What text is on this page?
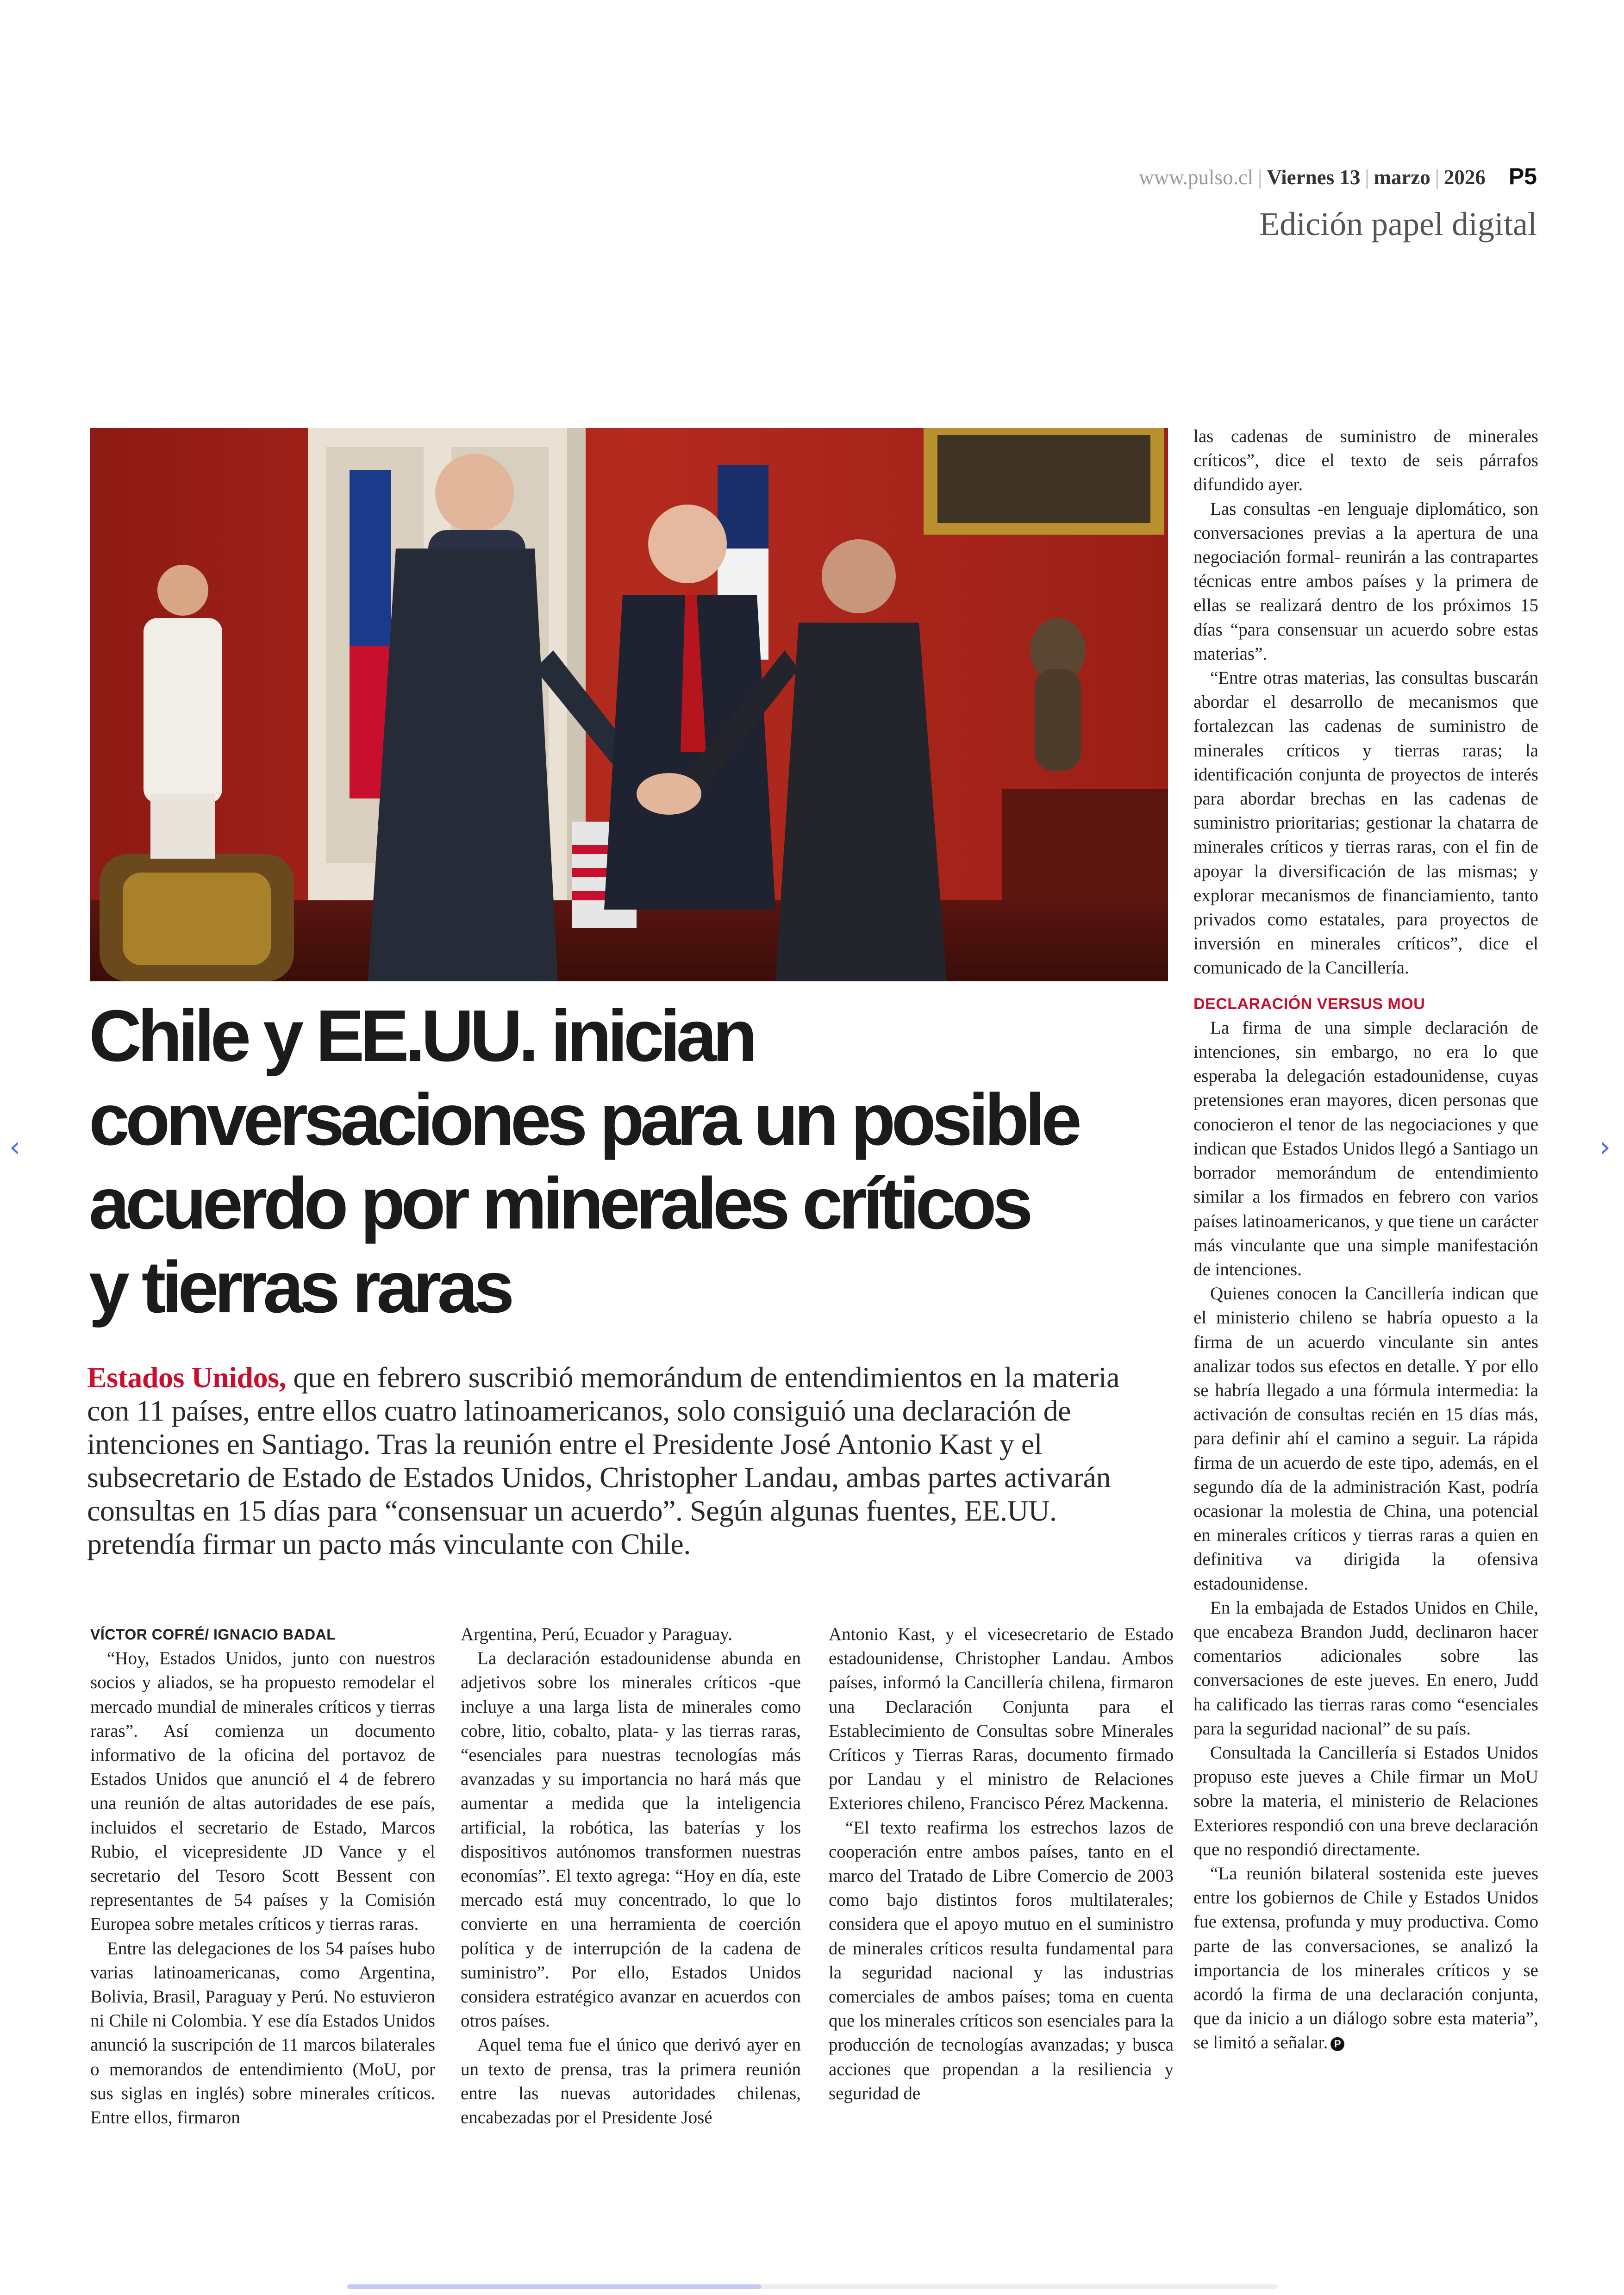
www.pulso.cl | Viernes 13 | marzo | 2026 P5
Edición papel digital
Chile y EE.UU. inician
conversaciones para un posible
acuerdo por minerales críticos
y tierras raras

Estados Unidos, que en febrero suscribió memorándum de entendimientos en la materia con 11 países, entre ellos cuatro latinoamericanos, solo consiguió una declaración de intenciones en Santiago. Tras la reunión entre el Presidente José Antonio Kast y el subsecretario de Estado de Estados Unidos, Christopher Landau, ambas partes activarán consultas en 15 días para “consensuar un acuerdo”. Según algunas fuentes, EE.UU. pretendía firmar un pacto más vinculante con Chile.

VÍCTOR COFRÉ/ IGNACIO BADAL

“Hoy, Estados Unidos, junto con nuestros socios y aliados, se ha propuesto remodelar el mercado mundial de minerales críticos y tierras raras”. Así comienza un documento informativo de la oficina del portavoz de Estados Unidos que anunció el 4 de febrero una reunión de altas autoridades de ese país, incluidos el secretario de Estado, Marcos Rubio, el vicepresidente JD Vance y el secretario del Tesoro Scott Bessent con representantes de 54 países y la Comisión Europea sobre metales críticos y tierras raras.

Entre las delegaciones de los 54 países hubo varias latinoamericanas, como Argentina, Bolivia, Brasil, Paraguay y Perú. No estuvieron ni Chile ni Colombia. Y ese día Estados Unidos anunció la suscripción de 11 marcos bilaterales o memorandos de entendimiento (MoU, por sus siglas en inglés) sobre minerales críticos. Entre ellos, firmaron

Argentina, Perú, Ecuador y Paraguay.

La declaración estadounidense abunda en adjetivos sobre los minerales críticos -que incluye a una larga lista de minerales como cobre, litio, cobalto, plata- y las tierras raras, “esenciales para nuestras tecnologías más avanzadas y su importancia no hará más que aumentar a medida que la inteligencia artificial, la robótica, las baterías y los dispositivos autónomos transformen nuestras economías”. El texto agrega: “Hoy en día, este mercado está muy concentrado, lo que lo convierte en una herramienta de coerción política y de interrupción de la cadena de suministro”. Por ello, Estados Unidos considera estratégico avanzar en acuerdos con otros países.

Aquel tema fue el único que derivó ayer en un texto de prensa, tras la primera reunión entre las nuevas autoridades chilenas, encabezadas por el Presidente José

Antonio Kast, y el vicesecretario de Estado estadounidense, Christopher Landau. Ambos países, informó la Cancillería chilena, firmaron una Declaración Conjunta para el Establecimiento de Consultas sobre Minerales Críticos y Tierras Raras, documento firmado por Landau y el ministro de Relaciones Exteriores chileno, Francisco Pérez Mackenna.

“El texto reafirma los estrechos lazos de cooperación entre ambos países, tanto en el marco del Tratado de Libre Comercio de 2003 como bajo distintos foros multilaterales; considera que el apoyo mutuo en el suministro de minerales críticos resulta fundamental para la seguridad nacional y las industrias comerciales de ambos países; toma en cuenta que los minerales críticos son esenciales para la producción de tecnologías avanzadas; y busca acciones que propendan a la resiliencia y seguridad de

las cadenas de suministro de minerales críticos”, dice el texto de seis párrafos difundido ayer.

Las consultas -en lenguaje diplomático, son conversaciones previas a la apertura de una negociación formal- reunirán a las contrapartes técnicas entre ambos países y la primera de ellas se realizará dentro de los próximos 15 días “para consensuar un acuerdo sobre estas materias”.

“Entre otras materias, las consultas buscarán abordar el desarrollo de mecanismos que fortalezcan las cadenas de suministro de minerales críticos y tierras raras; la identificación conjunta de proyectos de interés para abordar brechas en las cadenas de suministro prioritarias; gestionar la chatarra de minerales críticos y tierras raras, con el fin de apoyar la diversificación de las mismas; y explorar mecanismos de financiamiento, tanto privados como estatales, para proyectos de inversión en minerales críticos”, dice el comunicado de la Cancillería.

DECLARACIÓN VERSUS MOU

La firma de una simple declaración de intenciones, sin embargo, no era lo que esperaba la delegación estadounidense, cuyas pretensiones eran mayores, dicen personas que conocieron el tenor de las negociaciones y que indican que Estados Unidos llegó a Santiago un borrador memorándum de entendimiento similar a los firmados en febrero con varios países latinoamericanos, y que tiene un carácter más vinculante que una simple manifestación de intenciones.

Quienes conocen la Cancillería indican que el ministerio chileno se habría opuesto a la firma de un acuerdo vinculante sin antes analizar todos sus efectos en detalle. Y por ello se habría llegado a una fórmula intermedia: la activación de consultas recién en 15 días más, para definir ahí el camino a seguir. La rápida firma de un acuerdo de este tipo, además, en el segundo día de la administración Kast, podría ocasionar la molestia de China, una potencial en minerales críticos y tierras raras a quien en definitiva va dirigida la ofensiva estadounidense.

En la embajada de Estados Unidos en Chile, que encabeza Brandon Judd, declinaron hacer comentarios adicionales sobre las conversaciones de este jueves. En enero, Judd ha calificado las tierras raras como “esenciales para la seguridad nacional” de su país.

Consultada la Cancillería si Estados Unidos propuso este jueves a Chile firmar un MoU sobre la materia, el ministerio de Relaciones Exteriores respondió con una breve declaración que no respondió directamente.

“La reunión bilateral sostenida este jueves entre los gobiernos de Chile y Estados Unidos fue extensa, profunda y muy productiva. Como parte de las conversaciones, se analizó la importancia de los minerales críticos y se acordó la firma de una declaración conjunta, que da inicio a un diálogo sobre esta materia”, se limitó a señalar. P

‹	›
